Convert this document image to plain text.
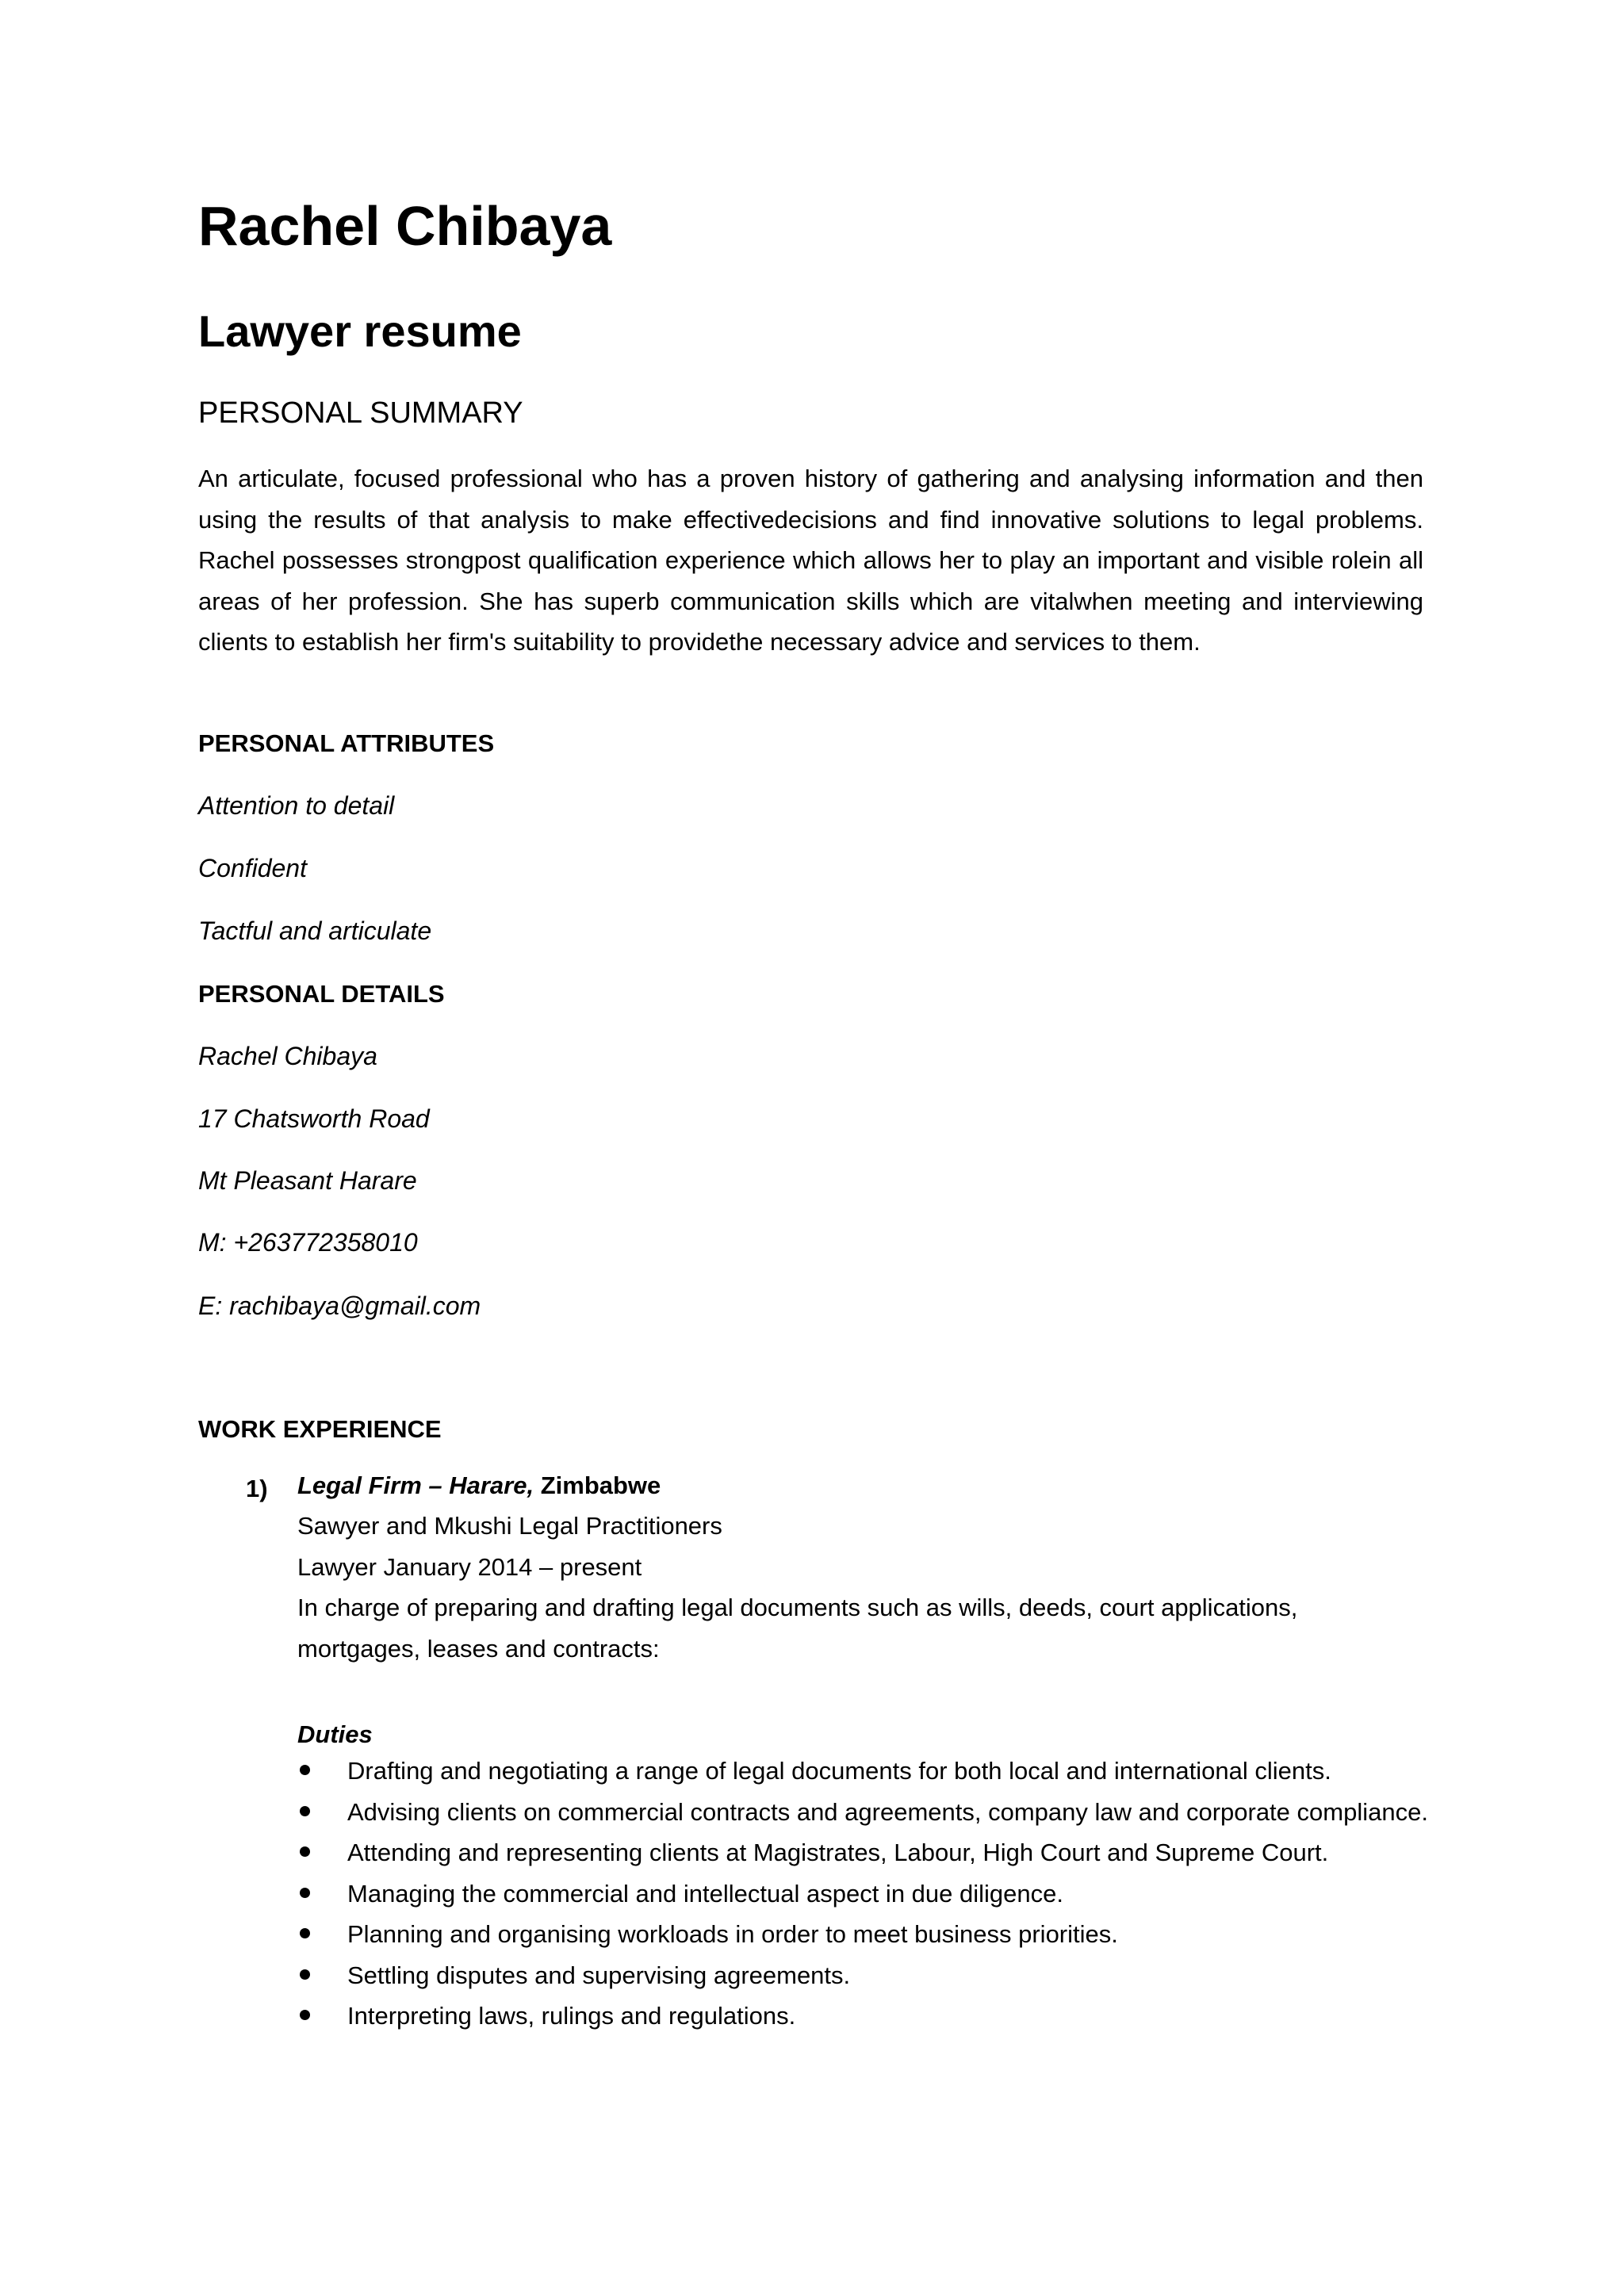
Rachel Chibaya
Lawyer resume
PERSONAL SUMMARY

An articulate, focused professional who has a proven history of gathering and analysing information and then using the results of that analysis to make effectivedecisions and find innovative solutions to legal problems. Rachel possesses strongpost qualification experience which allows her to play an important and visible rolein all areas of her profession. She has superb communication skills which are vitalwhen meeting and interviewing clients to establish her firm's suitability to providethe necessary advice and services to them.

PERSONAL ATTRIBUTES
Attention to detail
Confident
Tactful and articulate
PERSONAL DETAILS
Rachel Chibaya
17 Chatsworth Road
Mt Pleasant Harare
M: +263772358010
E: rachibaya@gmail.com
WORK EXPERIENCE
1) Legal Firm – Harare, Zimbabwe
Sawyer and Mkushi Legal Practitioners
Lawyer January 2014 – present

In charge of preparing and drafting legal documents such as wills, deeds, court applications, mortgages, leases and contracts:

Duties
Drafting and negotiating a range of legal documents for both local and international clients.
Advising clients on commercial contracts and agreements, company law and corporate compliance.
Attending and representing clients at Magistrates, Labour, High Court and Supreme Court.
Managing the commercial and intellectual aspect in due diligence.
Planning and organising workloads in order to meet business priorities.
Settling disputes and supervising agreements.
Interpreting laws, rulings and regulations.
